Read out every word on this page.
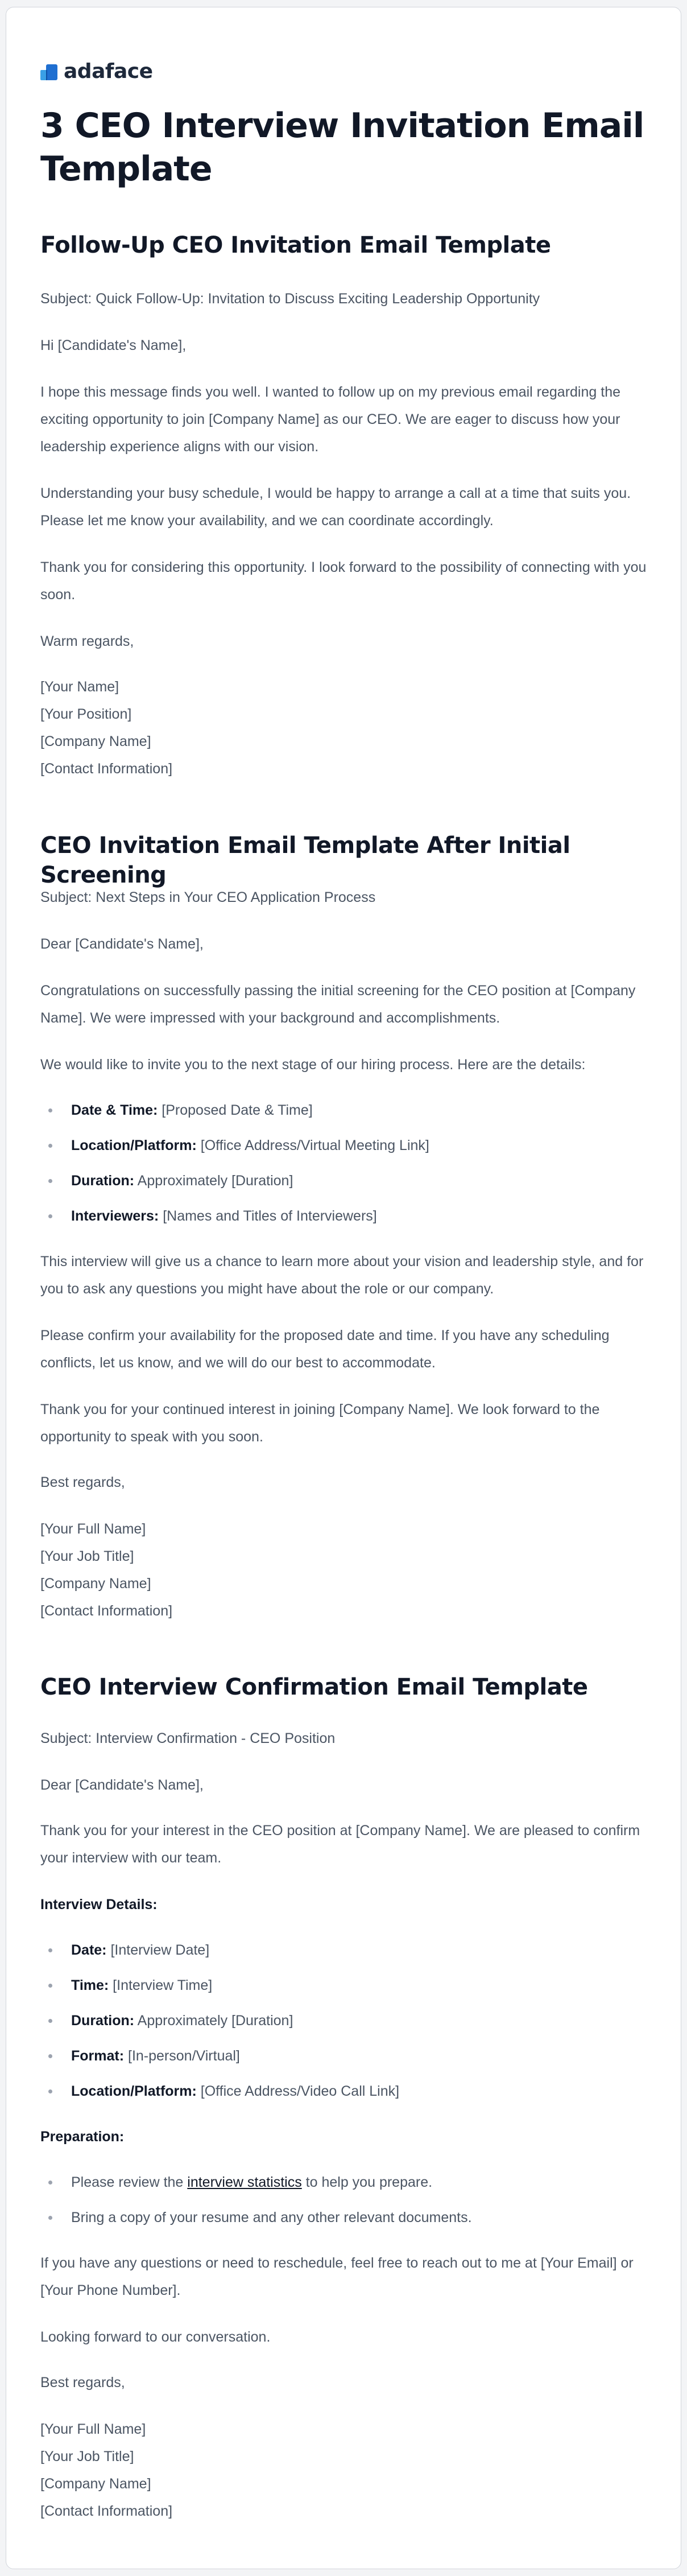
adaface
3 CEO Interview Invitation Email Template
Follow-Up CEO Invitation Email Template
Subject: Quick Follow-Up: Invitation to Discuss Exciting Leadership Opportunity
Hi [Candidate's Name],
I hope this message finds you well. I wanted to follow up on my previous email regarding the exciting opportunity to join [Company Name] as our CEO. We are eager to discuss how your leadership experience aligns with our vision.
Understanding your busy schedule, I would be happy to arrange a call at a time that suits you. Please let me know your availability, and we can coordinate accordingly.
Thank you for considering this opportunity. I look forward to the possibility of connecting with you soon.
Warm regards,
[Your Name]
[Your Position]
[Company Name]
[Contact Information]
CEO Invitation Email Template After Initial Screening
Subject: Next Steps in Your CEO Application Process
Dear [Candidate's Name],
Congratulations on successfully passing the initial screening for the CEO position at [Company Name]. We were impressed with your background and accomplishments.
We would like to invite you to the next stage of our hiring process. Here are the details:
Date & Time: [Proposed Date & Time]
Location/Platform: [Office Address/Virtual Meeting Link]
Duration: Approximately [Duration]
Interviewers: [Names and Titles of Interviewers]
This interview will give us a chance to learn more about your vision and leadership style, and for you to ask any questions you might have about the role or our company.
Please confirm your availability for the proposed date and time. If you have any scheduling conflicts, let us know, and we will do our best to accommodate.
Thank you for your continued interest in joining [Company Name]. We look forward to the opportunity to speak with you soon.
Best regards,
[Your Full Name]
[Your Job Title]
[Company Name]
[Contact Information]
CEO Interview Confirmation Email Template
Subject: Interview Confirmation - CEO Position
Dear [Candidate's Name],
Thank you for your interest in the CEO position at [Company Name]. We are pleased to confirm your interview with our team.
Interview Details:
Date: [Interview Date]
Time: [Interview Time]
Duration: Approximately [Duration]
Format: [In-person/Virtual]
Location/Platform: [Office Address/Video Call Link]
Preparation:
Please review the interview statistics to help you prepare.
Bring a copy of your resume and any other relevant documents.
If you have any questions or need to reschedule, feel free to reach out to me at [Your Email] or [Your Phone Number].
Looking forward to our conversation.
Best regards,
[Your Full Name]
[Your Job Title]
[Company Name]
[Contact Information]
